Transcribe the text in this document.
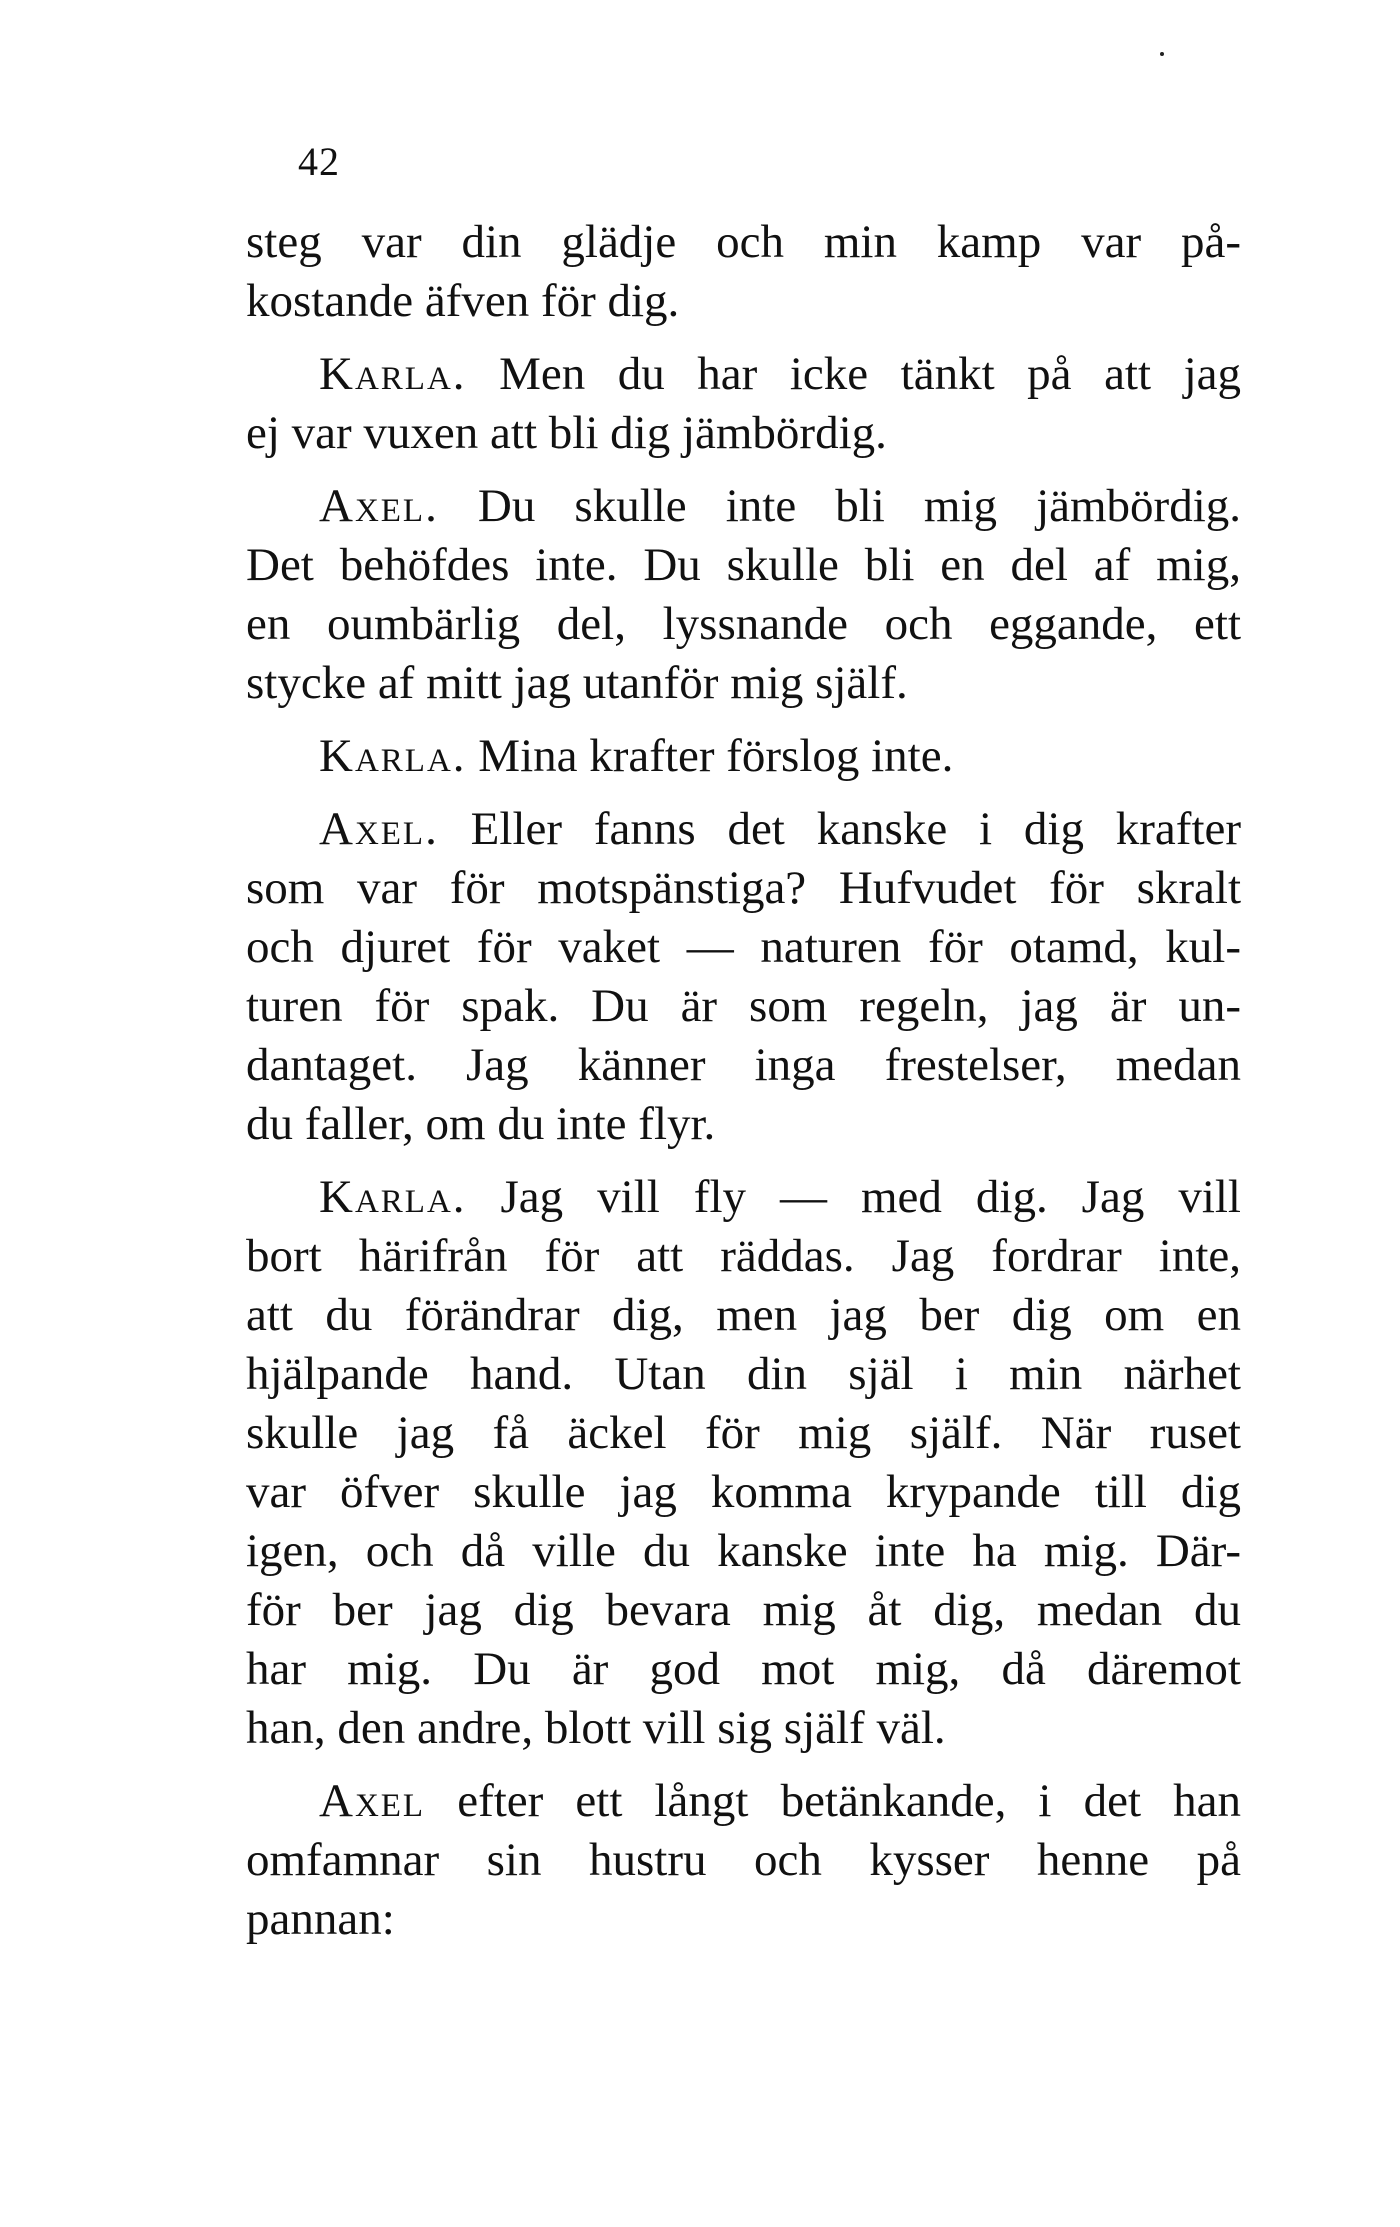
42
steg var din glädje och min kamp var på-
kostande äfven för dig.
Karla. Men du har icke tänkt på att jag
ej var vuxen att bli dig jämbördig.
Axel. Du skulle inte bli mig jämbördig.
Det behöfdes inte. Du skulle bli en del af mig,
en oumbärlig del, lyssnande och eggande, ett
stycke af mitt jag utanför mig själf.
Karla. Mina krafter förslog inte.
Axel. Eller fanns det kanske i dig krafter
som var för motspänstiga? Hufvudet för skralt
och djuret för vaket — naturen för otamd, kul-
turen för spak. Du är som regeln, jag är un-
dantaget. Jag känner inga frestelser, medan
du faller, om du inte flyr.
Karla. Jag vill fly — med dig. Jag vill
bort härifrån för att räddas. Jag fordrar inte,
att du förändrar dig, men jag ber dig om en
hjälpande hand. Utan din själ i min närhet
skulle jag få äckel för mig själf. När ruset
var öfver skulle jag komma krypande till dig
igen, och då ville du kanske inte ha mig. Där-
för ber jag dig bevara mig åt dig, medan du
har mig. Du är god mot mig, då däremot
han, den andre, blott vill sig själf väl.
Axel efter ett långt betänkande, i det han
omfamnar sin hustru och kysser henne på
pannan:
